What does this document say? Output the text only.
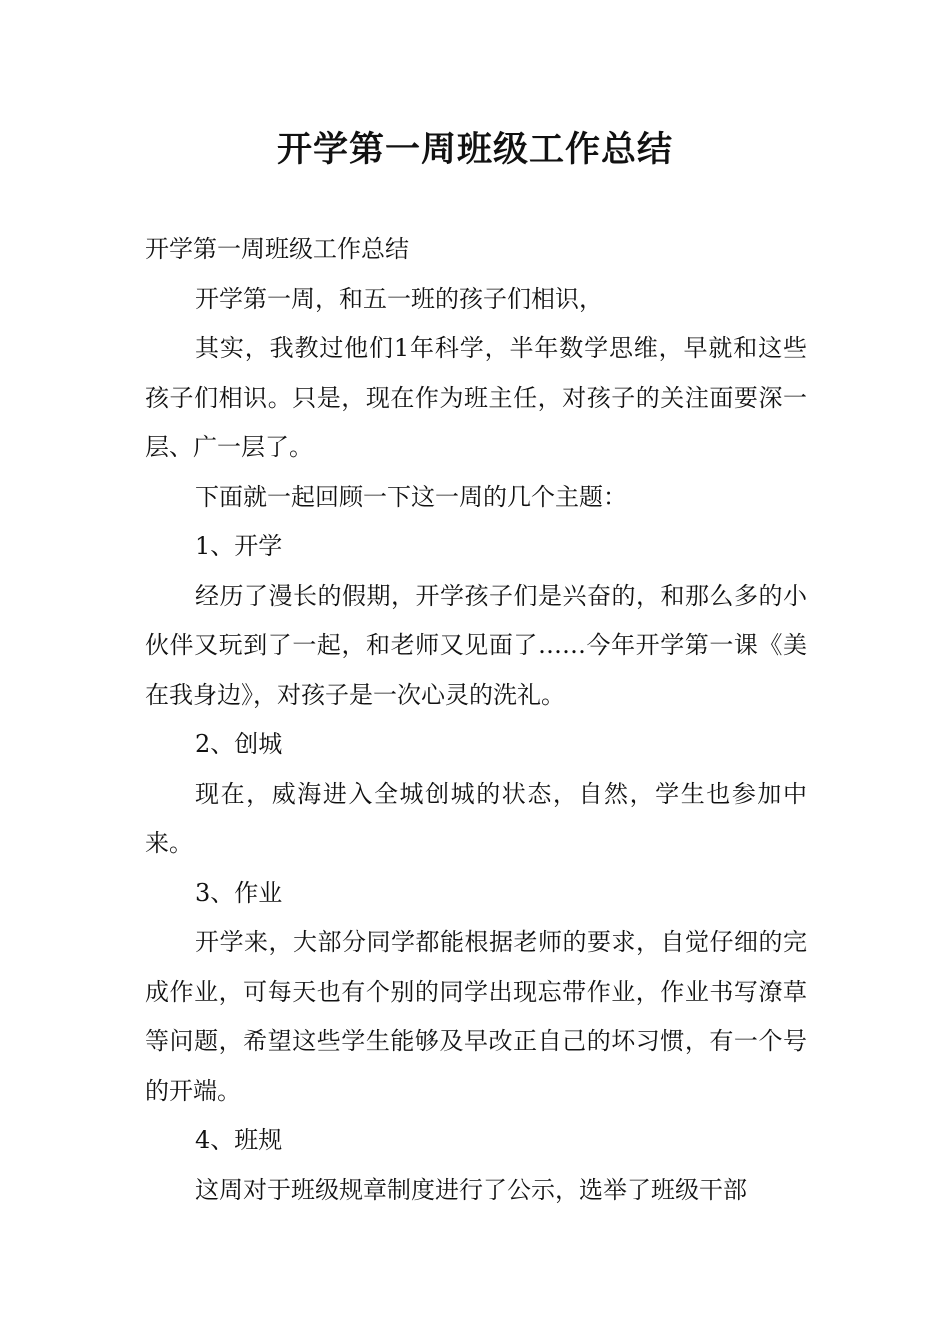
开学第一周班级工作总结

开学第一周班级工作总结

开学第一周，和五一班的孩子们相识，

其实，我教过他们1年科学，半年数学思维，早就和这些孩子们相识。只是，现在作为班主任，对孩子的关注面要深一层、广一层了。

下面就一起回顾一下这一周的几个主题：

1、开学

经历了漫长的假期，开学孩子们是兴奋的，和那么多的小伙伴又玩到了一起，和老师又见面了……今年开学第一课《美在我身边》，对孩子是一次心灵的洗礼。

2、创城

现在，威海进入全城创城的状态，自然，学生也参加中来。

3、作业

开学来，大部分同学都能根据老师的要求，自觉仔细的完成作业，可每天也有个别的同学出现忘带作业，作业书写潦草等问题，希望这些学生能够及早改正自己的坏习惯，有一个号的开端。

4、班规

这周对于班级规章制度进行了公示，选举了班级干部
